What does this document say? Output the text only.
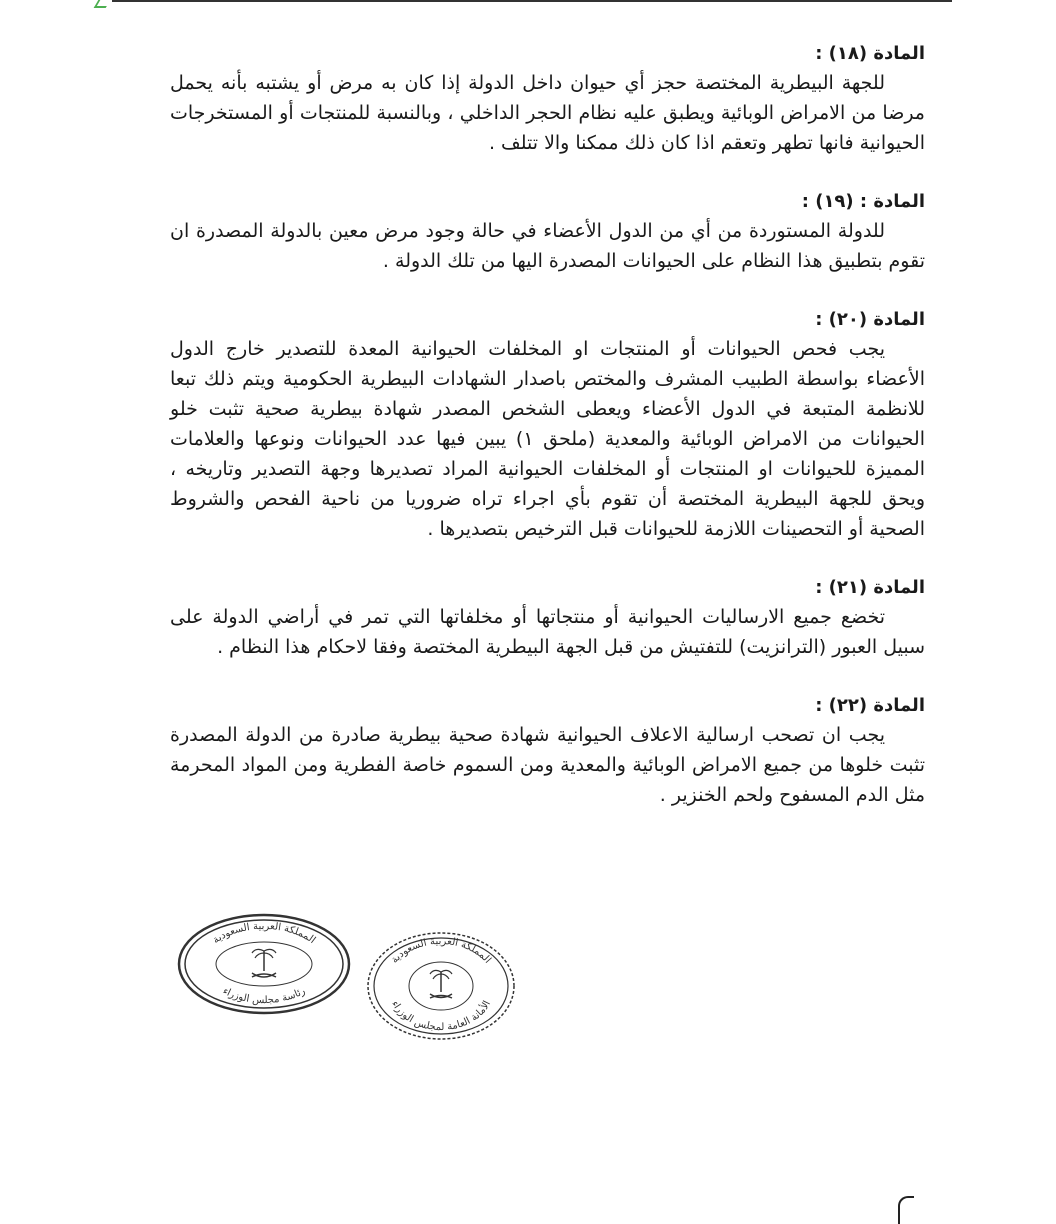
المادة (١٨) :
للجهة البيطرية المختصة حجز أي حيوان داخل الدولة إذا كان به مرض أو يشتبه بأنه يحمل مرضا من الامراض الوبائية ويطبق عليه نظام الحجر الداخلي ، وبالنسبة للمنتجات أو المستخرجات الحيوانية فانها تطهر وتعقم اذا كان ذلك ممكنا والا تتلف .
المادة : (١٩) :
للدولة المستوردة من أي من الدول الأعضاء في حالة وجود مرض معين بالدولة المصدرة ان تقوم بتطبيق هذا النظام على الحيوانات المصدرة اليها من تلك الدولة .
المادة (٢٠) :
يجب فحص الحيوانات أو المنتجات او المخلفات الحيوانية المعدة للتصدير خارج الدول الأعضاء بواسطة الطبيب المشرف والمختص باصدار الشهادات البيطرية الحكومية ويتم ذلك تبعا للانظمة المتبعة في الدول الأعضاء ويعطى الشخص المصدر شهادة بيطرية صحية تثبت خلو الحيوانات من الامراض الوبائية والمعدية (ملحق ١) يبين فيها عدد الحيوانات ونوعها والعلامات المميزة للحيوانات او المنتجات أو المخلفات الحيوانية المراد تصديرها وجهة التصدير وتاريخه ، ويحق للجهة البيطرية المختصة أن تقوم بأي اجراء تراه ضروريا من ناحية الفحص والشروط الصحية أو التحصينات اللازمة للحيوانات قبل الترخيص بتصديرها .
المادة (٢١) :
تخضع جميع الارساليات الحيوانية أو منتجاتها أو مخلفاتها التي تمر في أراضي الدولة على سبيل العبور (الترانزيت) للتفتيش من قبل الجهة البيطرية المختصة وفقا لاحكام هذا النظام .
المادة (٢٢) :
يجب ان تصحب ارسالية الاعلاف الحيوانية شهادة صحية بيطرية صادرة من الدولة المصدرة تثبت خلوها من جميع الامراض الوبائية والمعدية ومن السموم خاصة الفطرية ومن المواد المحرمة مثل الدم المسفوح ولحم الخنزير .
المملكة العربية السعودية
رئاسة مجلس الوزراء
المملكة العربية السعودية
الأمانة العامة لمجلس الوزراء
